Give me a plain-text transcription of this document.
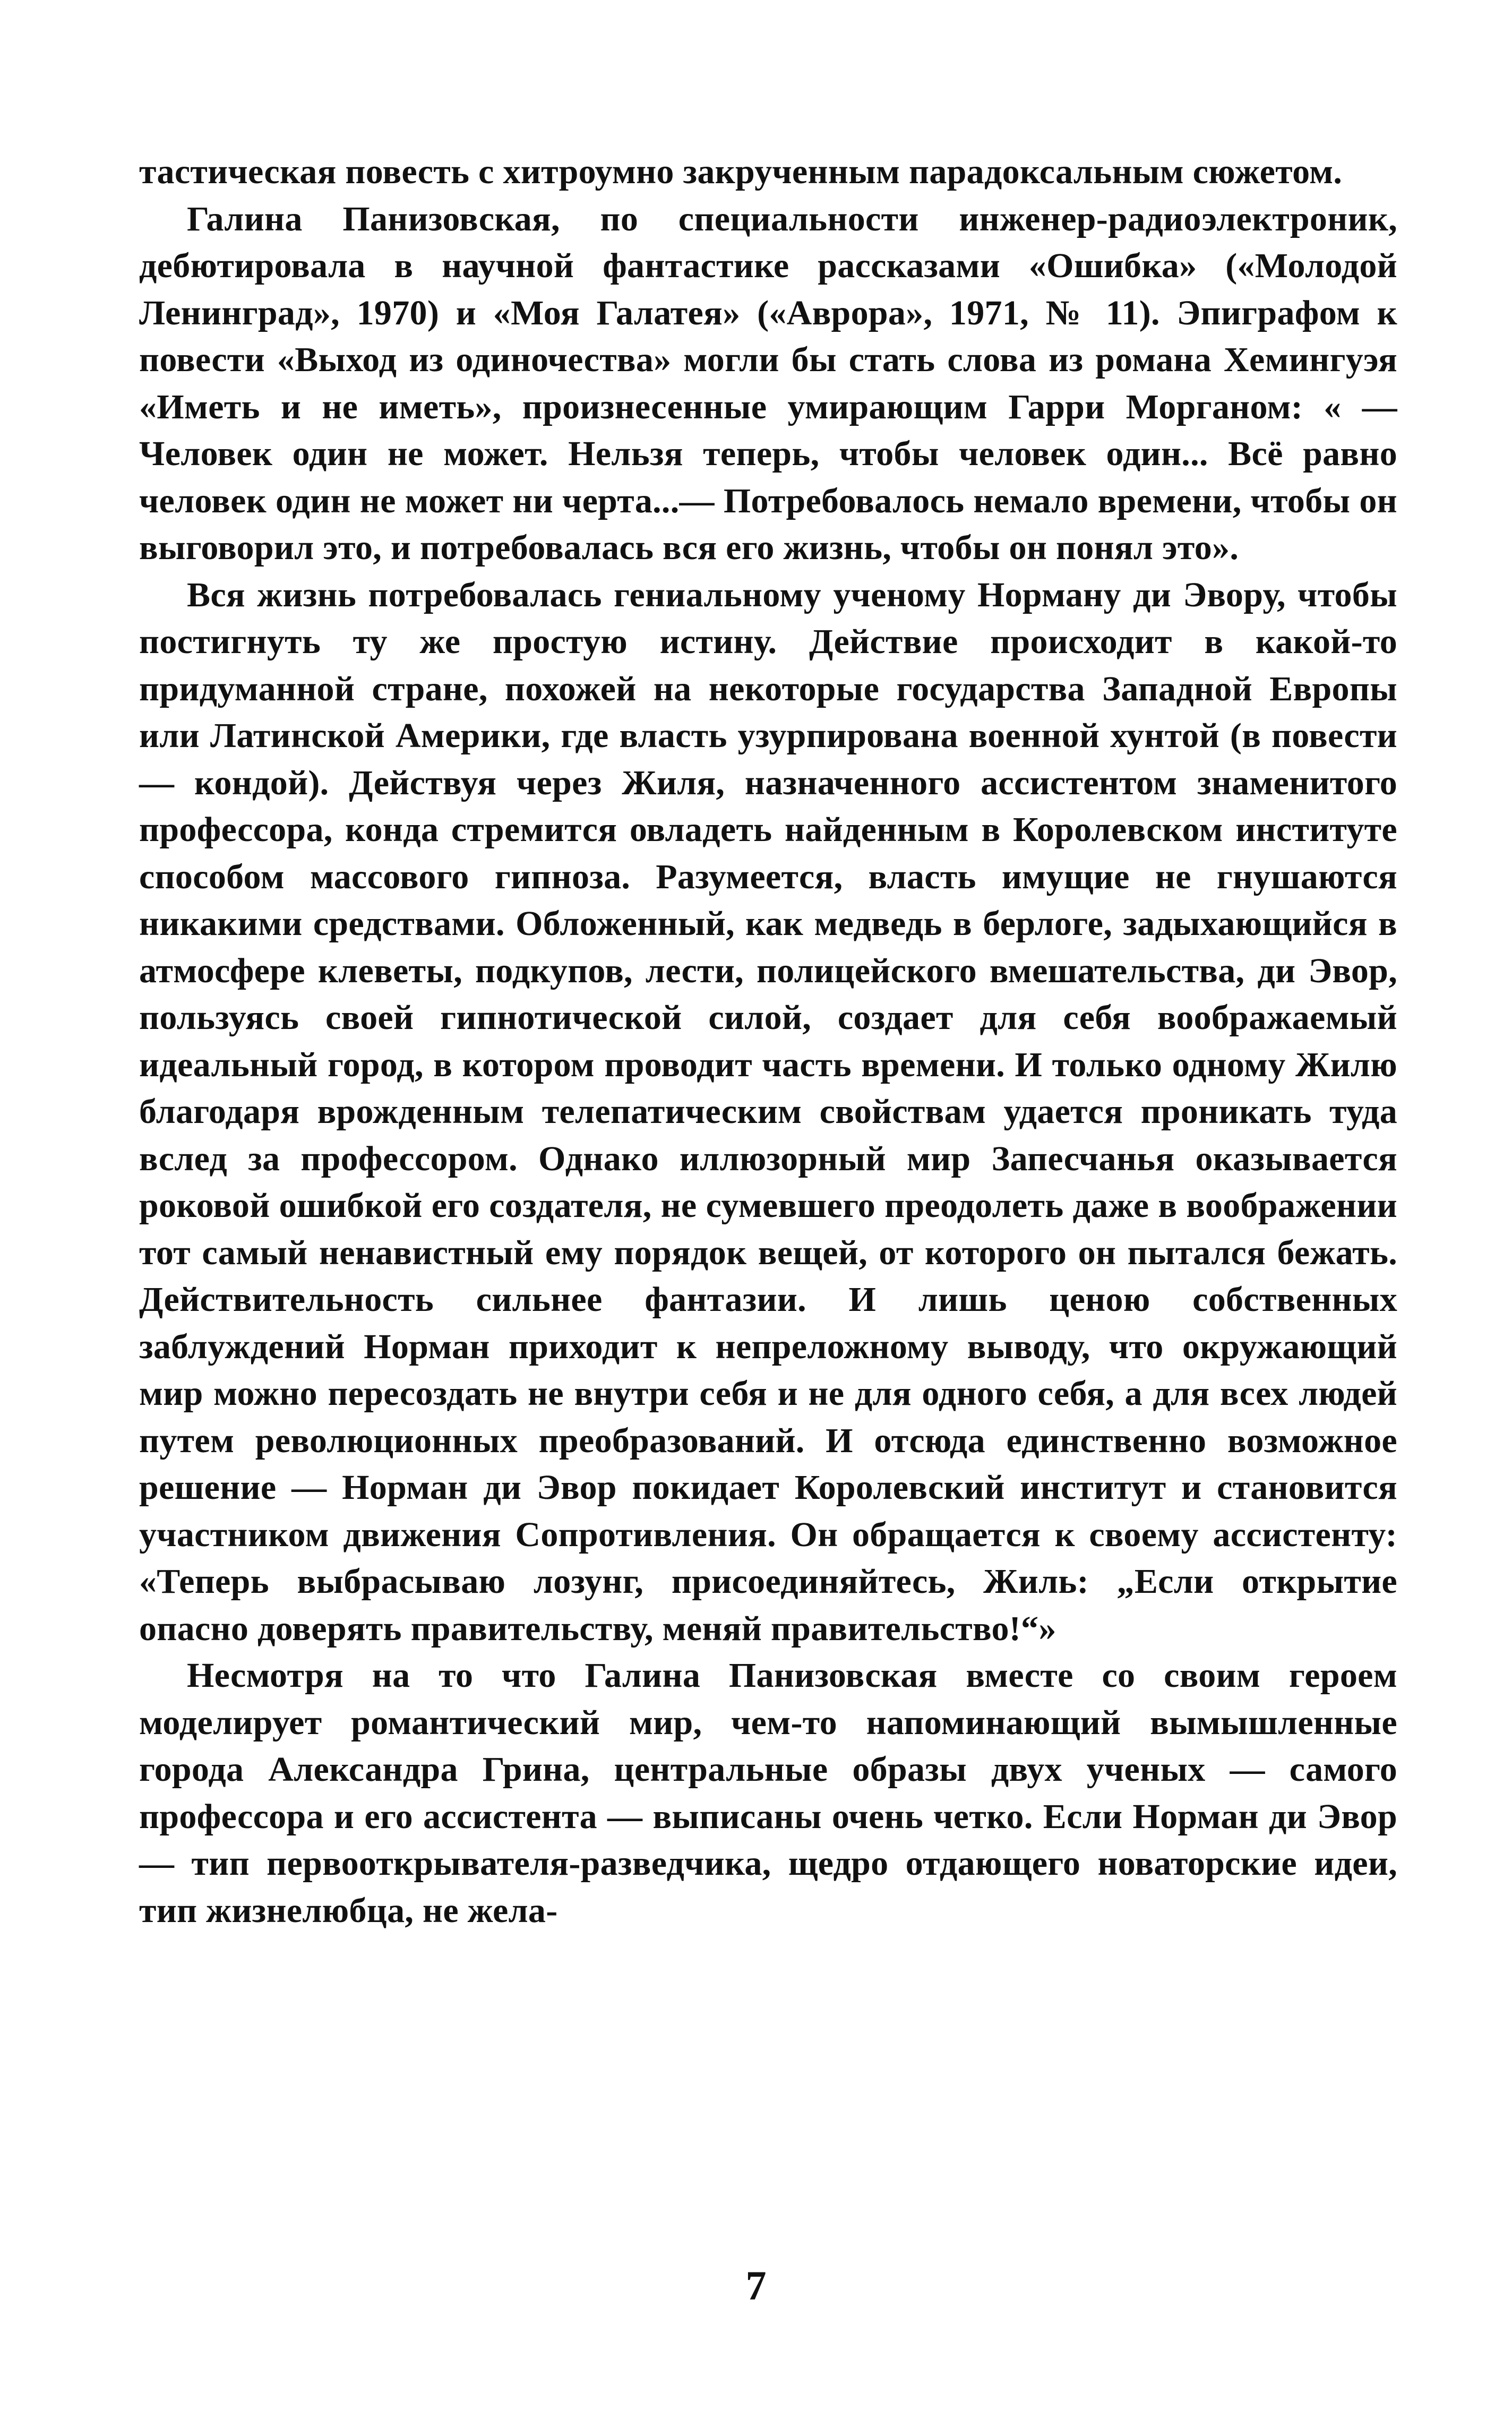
тастическая повесть с хитроумно закрученным парадоксальным сюжетом.

Галина Панизовская, по специальности инженер-радиоэлектроник, дебютировала в научной фантастике рассказами «Ошибка» («Молодой Ленинград», 1970) и «Моя Галатея» («Аврора», 1971, № 11). Эпиграфом к повести «Выход из одиночества» могли бы стать слова из романа Хемингуэя «Иметь и не иметь», произнесенные умирающим Гарри Морганом: « — Человек один не может. Нельзя теперь, чтобы человек один... Всё равно человек один не может ни черта...— Потребовалось немало времени, чтобы он выговорил это, и потребовалась вся его жизнь, чтобы он понял это».

Вся жизнь потребовалась гениальному ученому Норману ди Эвору, чтобы постигнуть ту же простую истину. Действие происходит в какой-то придуманной стране, похожей на некоторые государства Западной Европы или Латинской Америки, где власть узурпирована военной хунтой (в повести — кондой). Действуя через Жиля, назначенного ассистентом знаменитого профессора, конда стремится овладеть найденным в Королевском институте способом массового гипноза. Разумеется, власть имущие не гнушаются никакими средствами. Обложенный, как медведь в берлоге, задыхающийся в атмосфере клеветы, подкупов, лести, полицейского вмешательства, ди Эвор, пользуясь своей гипнотической силой, создает для себя воображаемый идеальный город, в котором проводит часть времени. И только одному Жилю благодаря врожденным телепатическим свойствам удается проникать туда вслед за профессором. Однако иллюзорный мир Запесчанья оказывается роковой ошибкой его создателя, не сумевшего преодолеть даже в воображении тот самый ненавистный ему порядок вещей, от которого он пытался бежать. Действительность сильнее фантазии. И лишь ценою собственных заблуждений Норман приходит к непреложному выводу, что окружающий мир можно пересоздать не внутри себя и не для одного себя, а для всех людей путем революционных преобразований. И отсюда единственно возможное решение — Норман ди Эвор покидает Королевский институт и становится участником движения Сопротивления. Он обращается к своему ассистенту: «Теперь выбрасываю лозунг, присоединяйтесь, Жиль: „Если открытие опасно доверять правительству, меняй правительство!“»

Несмотря на то что Галина Панизовская вместе со своим героем моделирует романтический мир, чем-то напоминающий вымышленные города Александра Грина, центральные образы двух ученых — самого профессора и его ассистента — выписаны очень четко. Если Норман ди Эвор — тип первооткрывателя-разведчика, щедро отдающего новаторские идеи, тип жизнелюбца, не жела-

7
